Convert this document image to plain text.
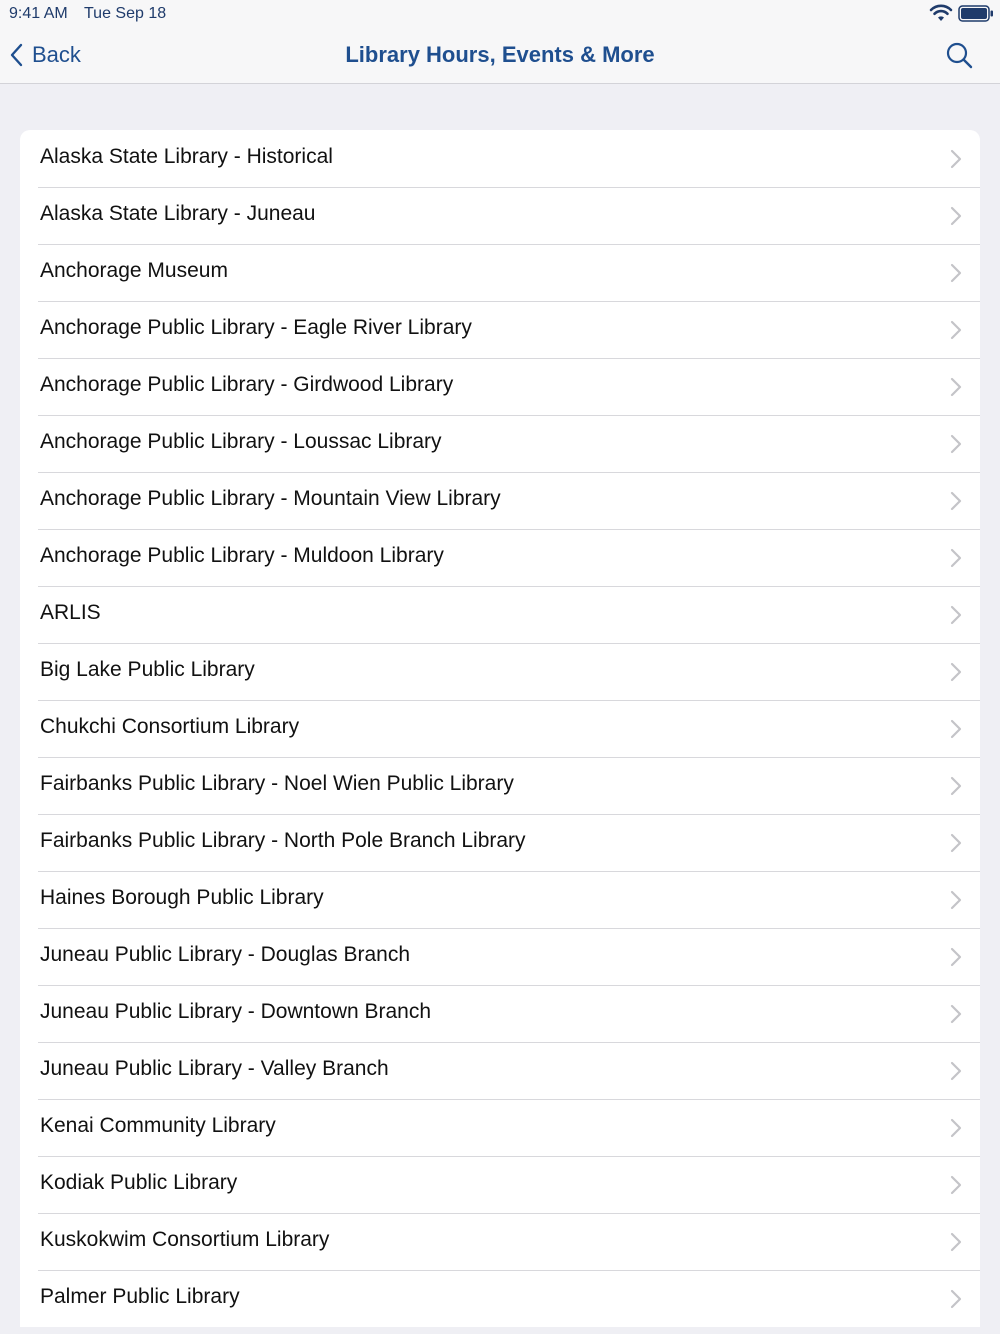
9:41 AM Tue Sep 18
Back	Library Hours, Events & More
Alaska State Library - Historical
Alaska State Library - Juneau
Anchorage Museum
Anchorage Public Library - Eagle River Library
Anchorage Public Library - Girdwood Library
Anchorage Public Library - Loussac Library
Anchorage Public Library - Mountain View Library
Anchorage Public Library - Muldoon Library
ARLIS
Big Lake Public Library
Chukchi Consortium Library
Fairbanks Public Library - Noel Wien Public Library
Fairbanks Public Library - North Pole Branch Library
Haines Borough Public Library
Juneau Public Library - Douglas Branch
Juneau Public Library - Downtown Branch
Juneau Public Library - Valley Branch
Kenai Community Library
Kodiak Public Library
Kuskokwim Consortium Library
Palmer Public Library
